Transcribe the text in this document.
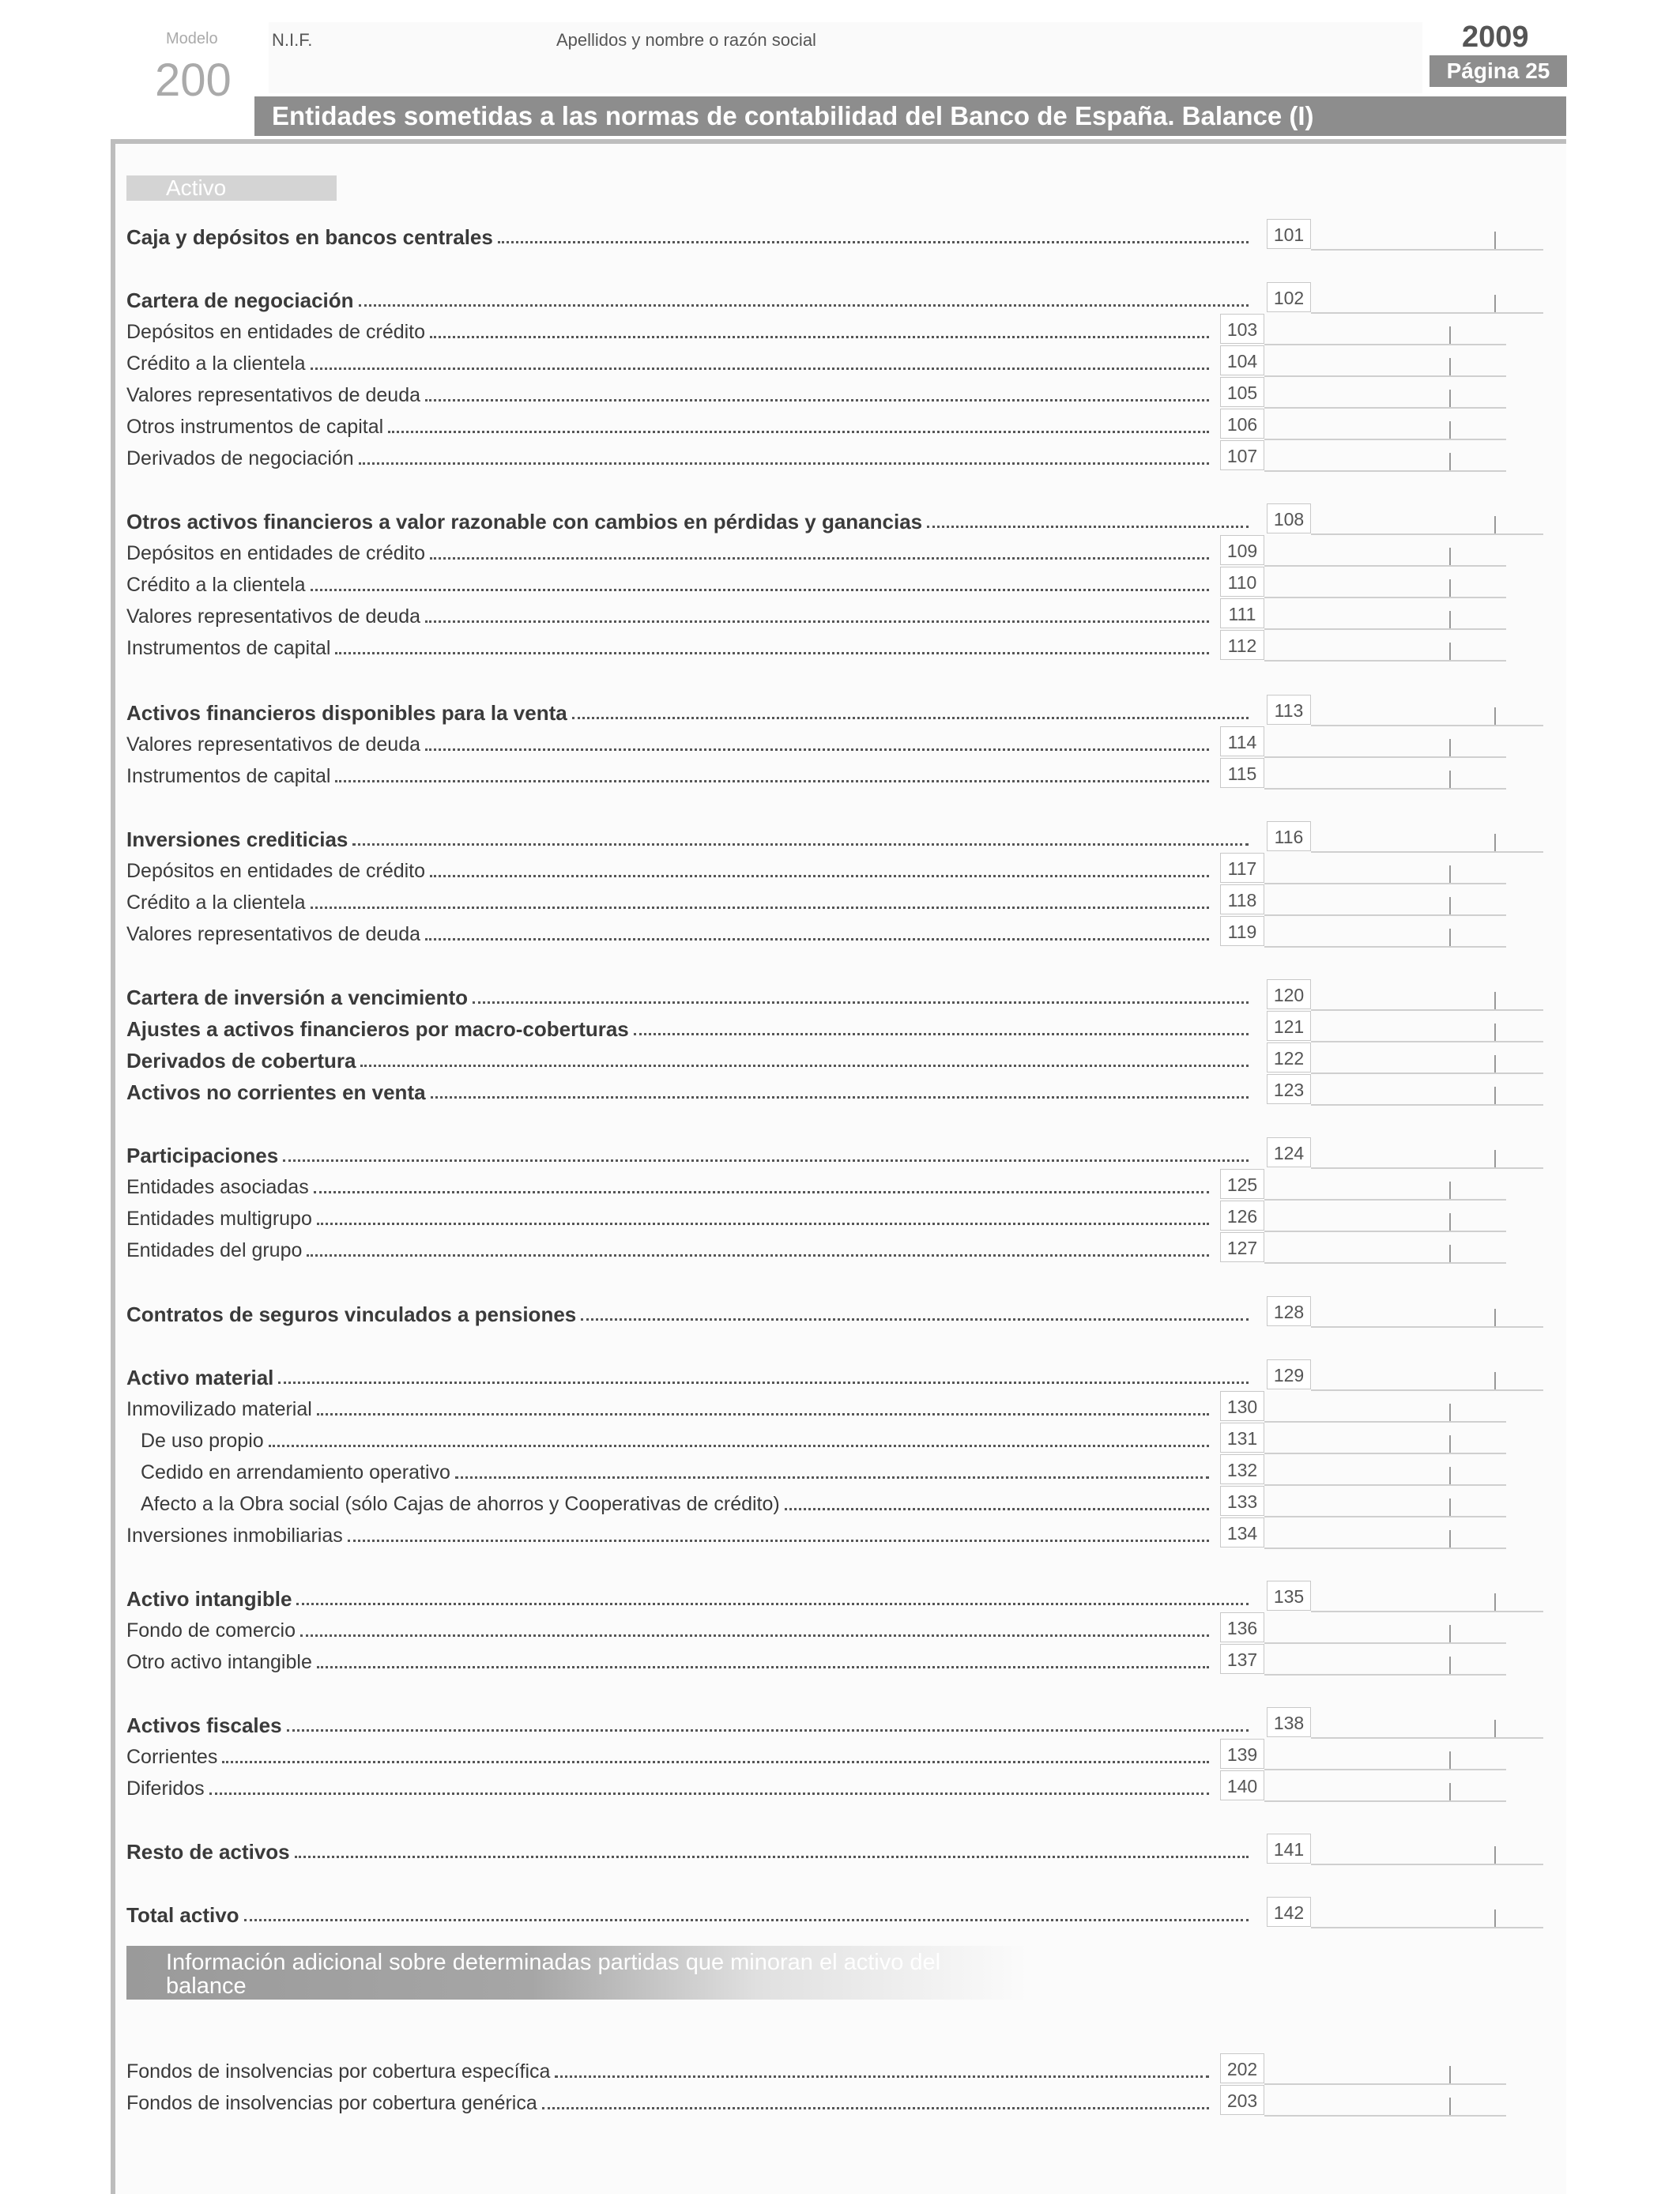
Modelo
200
N.I.F.	Apellidos y nombre o razón social	2009
Página 25
Entidades sometidas a las normas de contabilidad del Banco de España. Balance (I)
Activo
Caja y depósitos en bancos centrales	101
Cartera de negociación	102
Depósitos en entidades de crédito	103
Crédito a la clientela	104
Valores representativos de deuda	105
Otros instrumentos de capital	106
Derivados de negociación	107
Otros activos financieros a valor razonable con cambios en pérdidas y ganancias	108
Depósitos en entidades de crédito	109
Crédito a la clientela	110
Valores representativos de deuda	111
Instrumentos de capital	112
Activos financieros disponibles para la venta	113
Valores representativos de deuda	114
Instrumentos de capital	115
Inversiones crediticias	116
Depósitos en entidades de crédito	117
Crédito a la clientela	118
Valores representativos de deuda	119
Cartera de inversión a vencimiento	120
Ajustes a activos financieros por macro-coberturas	121
Derivados de cobertura	122
Activos no corrientes en venta	123
Participaciones	124
Entidades asociadas	125
Entidades multigrupo	126
Entidades del grupo	127
Contratos de seguros vinculados a pensiones	128
Activo material	129
Inmovilizado material	130
De uso propio	131
Cedido en arrendamiento operativo	132
Afecto a la Obra social (sólo Cajas de ahorros y Cooperativas de crédito)	133
Inversiones inmobiliarias	134
Activo intangible	135
Fondo de comercio	136
Otro activo intangible	137
Activos fiscales	138
Corrientes	139
Diferidos	140
Resto de activos	141
Total activo	142
Información adicional sobre determinadas partidas que minoran el activo del
balance
Fondos de insolvencias por cobertura específica	202
Fondos de insolvencias por cobertura genérica	203
